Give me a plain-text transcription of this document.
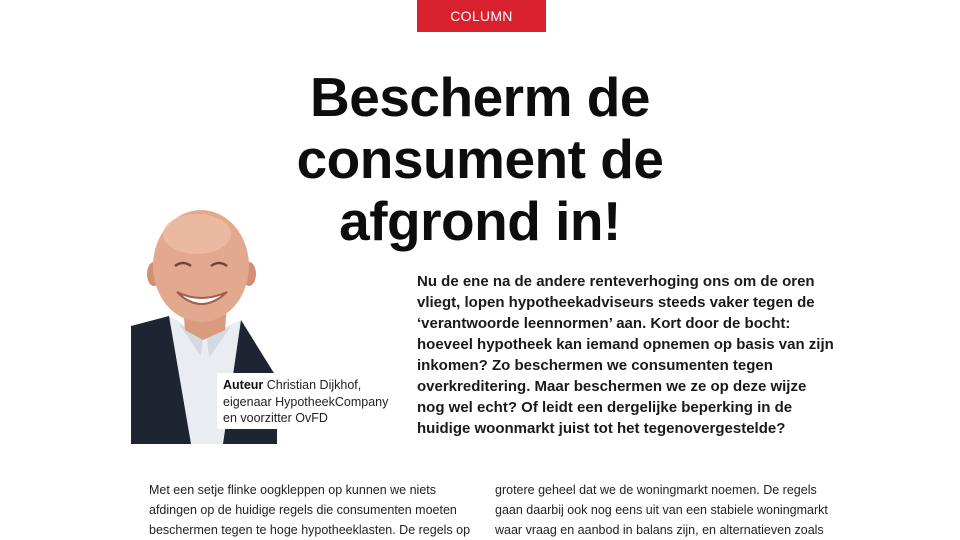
COLUMN
Bescherm de
consument de
afgrond in!
Auteur Christian Dijkhof,
eigenaar HypotheekCompany
en voorzitter OvFD
Nu de ene na de andere renteverhoging ons om de oren
vliegt, lopen hypotheekadviseurs steeds vaker tegen de
‘verantwoorde leennormen’ aan. Kort door de bocht:
hoeveel hypotheek kan iemand opnemen op basis van zijn
inkomen? Zo beschermen we consumenten tegen
overkreditering. Maar beschermen we ze op deze wijze
nog wel echt? Of leidt een dergelijke beperking in de
huidige woonmarkt juist tot het tegenovergestelde?
Met een setje flinke oogkleppen op kunnen we niets
afdingen op de huidige regels die consumenten moeten
beschermen tegen te hoge hypotheeklasten. De regels op
grotere geheel dat we de woningmarkt noemen. De regels
gaan daarbij ook nog eens uit van een stabiele woningmarkt
waar vraag en aanbod in balans zijn, en alternatieven zoals
